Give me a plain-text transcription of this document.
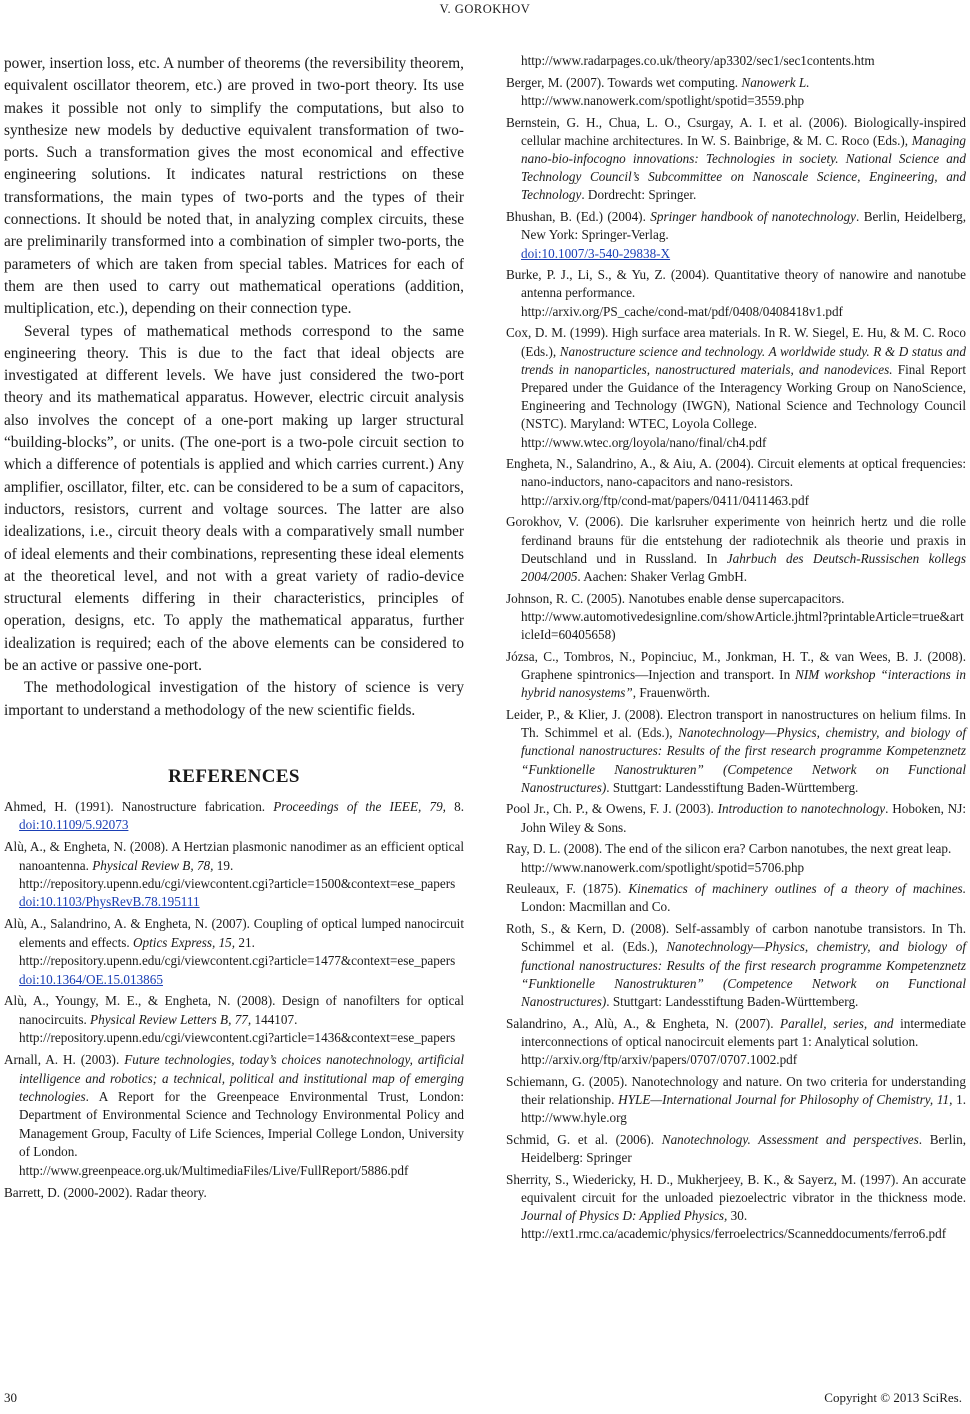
V. GOROKHOV

power, insertion loss, etc. A number of theorems (the reversibility theorem, equivalent oscillator theorem, etc.) are proved in two-port theory. Its use makes it possible not only to simplify the computations, but also to synthesize new models by deductive equivalent transformation of two-ports. Such a transformation gives the most economical and effective engineering solutions. It indicates natural restrictions on these transformations, the main types of two-ports and the types of their connections. It should be noted that, in analyzing complex circuits, these are preliminarily transformed into a combination of simpler two-ports, the parameters of which are taken from special tables. Matrices for each of them are then used to carry out mathematical operations (addition, multiplication, etc.), depending on their connection type.

Several types of mathematical methods correspond to the same engineering theory. This is due to the fact that ideal objects are investigated at different levels. We have just considered the two-port theory and its mathematical apparatus. However, electric circuit analysis also involves the concept of a one-port making up larger structural “building-blocks”, or units. (The one-port is a two-pole circuit section to which a difference of potentials is applied and which carries current.) Any amplifier, oscillator, filter, etc. can be considered to be a sum of capacitors, inductors, resistors, current and voltage sources. The latter are also idealizations, i.e., circuit theory deals with a comparatively small number of ideal elements and their combinations, representing these ideal elements at the theoretical level, and not with a great variety of radio-device structural elements differing in their characteristics, principles of operation, designs, etc. To apply the mathematical apparatus, further idealization is required; each of the above elements can be considered to be an active or passive one-port.

The methodological investigation of the history of science is very important to understand a methodology of the new scientific fields.

REFERENCES
Ahmed, H. (1991). Nanostructure fabrication. Proceedings of the IEEE, 79, 8. doi:10.1109/5.92073
Alù, A., & Engheta, N. (2008). A Hertzian plasmonic nanodimer as an efficient optical nanoantenna. Physical Review B, 78, 19.
http://repository.upenn.edu/cgi/viewcontent.cgi?article=1500&context=ese_papers
doi:10.1103/PhysRevB.78.195111
Alù, A., Salandrino, A. & Engheta, N. (2007). Coupling of optical lumped nanocircuit elements and effects. Optics Express, 15, 21.
http://repository.upenn.edu/cgi/viewcontent.cgi?article=1477&context=ese_papers
doi:10.1364/OE.15.013865
Alù, A., Youngy, M. E., & Engheta, N. (2008). Design of nanofilters for optical nanocircuits. Physical Review Letters B, 77, 144107.
http://repository.upenn.edu/cgi/viewcontent.cgi?article=1436&context=ese_papers
Arnall, A. H. (2003). Future technologies, today’s choices nanotechnology, artificial intelligence and robotics; a technical, political and institutional map of emerging technologies. A Report for the Greenpeace Environmental Trust, London: Department of Environmental Science and Technology Environmental Policy and Management Group, Faculty of Life Sciences, Imperial College London, University of London.
http://www.greenpeace.org.uk/MultimediaFiles/Live/FullReport/5886.pdf
Barrett, D. (2000-2002). Radar theory.
http://www.radarpages.co.uk/theory/ap3302/sec1/sec1contents.htm
Berger, M. (2007). Towards wet computing. Nanowerk L.
http://www.nanowerk.com/spotlight/spotid=3559.php
Bernstein, G. H., Chua, L. O., Csurgay, A. I. et al. (2006). Biologically-inspired cellular machine architectures. In W. S. Bainbrige, & M. C. Roco (Eds.), Managing nano-bio-infocogno innovations: Technologies in society. National Science and Technology Council’s Subcommittee on Nanoscale Science, Engineering, and Technology. Dordrecht: Springer.
Bhushan, B. (Ed.) (2004). Springer handbook of nanotechnology. Berlin, Heidelberg, New York: Springer-Verlag.
doi:10.1007/3-540-29838-X
Burke, P. J., Li, S., & Yu, Z. (2004). Quantitative theory of nanowire and nanotube antenna performance.
http://arxiv.org/PS_cache/cond-mat/pdf/0408/0408418v1.pdf
Cox, D. M. (1999). High surface area materials. In R. W. Siegel, E. Hu, & M. C. Roco (Eds.), Nanostructure science and technology. A worldwide study. R & D status and trends in nanoparticles, nanostructured materials, and nanodevices. Final Report Prepared under the Guidance of the Interagency Working Group on NanoScience, Engineering and Technology (IWGN), National Science and Technology Council (NSTC). Maryland: WTEC, Loyola College.
http://www.wtec.org/loyola/nano/final/ch4.pdf
Engheta, N., Salandrino, A., & Aiu, A. (2004). Circuit elements at optical frequencies: nano-inductors, nano-capacitors and nano-resistors.
http://arxiv.org/ftp/cond-mat/papers/0411/0411463.pdf
Gorokhov, V. (2006). Die karlsruher experimente von heinrich hertz und die rolle ferdinand brauns für die entstehung der radiotechnik als theorie und praxis in Deutschland und in Russland. In Jahrbuch des Deutsch-Russischen kollegs 2004/2005. Aachen: Shaker Verlag GmbH.
Johnson, R. C. (2005). Nanotubes enable dense supercapacitors.
http://www.automotivedesignline.com/showArticle.jhtml?printableArticle=true&articleId=60405658)
Józsa, C., Tombros, N., Popinciuc, M., Jonkman, H. T., & van Wees, B. J. (2008). Graphene spintronics—Injection and transport. In NIM workshop “interactions in hybrid nanosystems”, Frauenwörth.
Leider, P., & Klier, J. (2008). Electron transport in nanostructures on helium films. In Th. Schimmel et al. (Eds.), Nanotechnology—Physics, chemistry, and biology of functional nanostructures: Results of the first research programme Kompetenznetz “Funktionelle Nanostrukturen” (Competence Network on Functional Nanostructures). Stuttgart: Landesstiftung Baden-Württemberg.
Pool Jr., Ch. P., & Owens, F. J. (2003). Introduction to nanotechnology. Hoboken, NJ: John Wiley & Sons.
Ray, D. L. (2008). The end of the silicon era? Carbon nanotubes, the next great leap.
http://www.nanowerk.com/spotlight/spotid=5706.php
Reuleaux, F. (1875). Kinematics of machinery outlines of a theory of machines. London: Macmillan and Co.
Roth, S., & Kern, D. (2008). Self-assambly of carbon nanotube transistors. In Th. Schimmel et al. (Eds.), Nanotechnology—Physics, chemistry, and biology of functional nanostructures: Results of the first research programme Kompetenznetz “Funktionelle Nanostrukturen” (Competence Network on Functional Nanostructures). Stuttgart: Landesstiftung Baden-Württemberg.
Salandrino, A., Alù, A., & Engheta, N. (2007). Parallel, series, and intermediate interconnections of optical nanocircuit elements part 1: Analytical solution.
http://arxiv.org/ftp/arxiv/papers/0707/0707.1002.pdf
Schiemann, G. (2005). Nanotechnology and nature. On two criteria for understanding their relationship. HYLE—International Journal for Philosophy of Chemistry, 11, 1. http://www.hyle.org
Schmid, G. et al. (2006). Nanotechnology. Assessment and perspectives. Berlin, Heidelberg: Springer
Sherrity, S., Wiedericky, H. D., Mukherjeey, B. K., & Sayerz, M. (1997). An accurate equivalent circuit for the unloaded piezoelectric vibrator in the thickness mode. Journal of Physics D: Applied Physics, 30.
http://ext1.rmc.ca/academic/physics/ferroelectrics/Scanneddocuments/ferro6.pdf
30	Copyright © 2013 SciRes.
